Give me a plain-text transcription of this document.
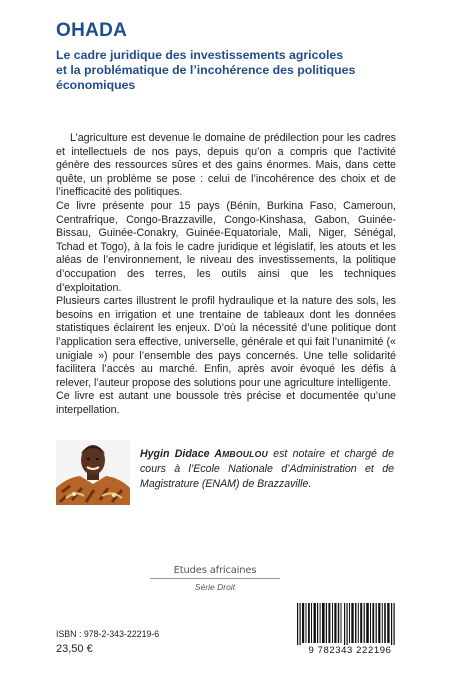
OHADA
Le cadre juridique des investissements agricoles
et la problématique de l’incohérence des politiques économiques

L’agriculture est devenue le domaine de prédilection pour les cadres et intellectuels de nos pays, depuis qu’on a compris que l’activité génère des ressources sûres et des gains énormes. Mais, dans cette quête, un problème se pose : celui de l’incohérence des choix et de l’inefficacité des politiques.

Ce livre présente pour 15 pays (Bénin, Burkina Faso, Cameroun, Centrafrique, Congo-Brazzaville, Congo-Kinshasa, Gabon, Guinée-Bissau, Guinée-Conakry, Guinée-Equatoriale, Mali, Niger, Sénégal, Tchad et Togo), à la fois le cadre juridique et législatif, les atouts et les aléas de l’environnement, le niveau des investissements, la politique d’occupation des terres, les outils ainsi que les techniques d’exploitation.

Plusieurs cartes illustrent le profil hydraulique et la nature des sols, les besoins en irrigation et une trentaine de tableaux dont les données statistiques éclairent les enjeux. D’où la nécessité d’une politique dont l’application sera effective, universelle, générale et qui fait l’unanimité (« unigiale ») pour l’ensemble des pays concernés. Une telle solidarité facilitera l’accès au marché. Enfin, après avoir évoqué les défis à relever, l’auteur propose des solutions pour une agriculture intelligente.

Ce livre est autant une boussole très précise et documentée qu’une interpellation.

Hygin Didace AMBOULOU est notaire et chargé de cours à l’Ecole Nationale d’Administration et de Magistrature (ENAM) de Brazzaville.
Etudes africaines
Série Droit
ISBN : 978-2-343-22219-6
23,50 €	9 782343 222196
